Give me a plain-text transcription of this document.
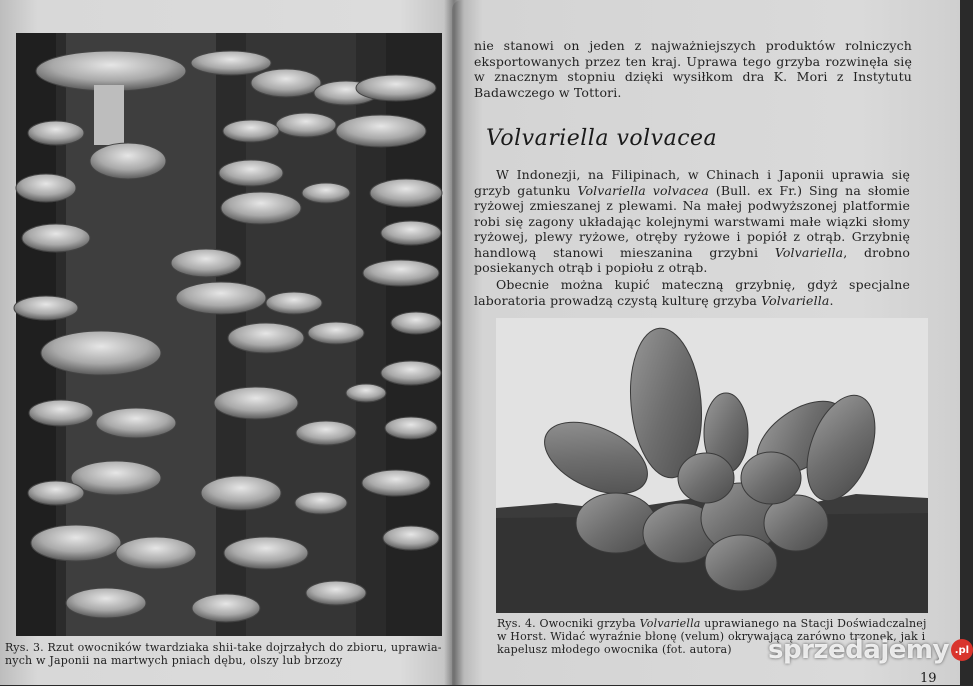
Rys. 3. Rzut owocników twardziaka shii-take dojrzałych do zbioru, uprawia-nych w Japonii na martwych pniach dębu, olszy lub brzozy
nie stanowi on jeden z najważniejszych produktów rolniczych eksportowanych przez ten kraj. Uprawa tego grzyba rozwinęła się w znacznym stopniu dzięki wysiłkom dra K. Mori z Instytutu Badawczego w Tottori.
Volvariella volvacea
W Indonezji, na Filipinach, w Chinach i Japonii uprawia się grzyb gatunku Volvariella volvacea (Bull. ex Fr.) Sing na słomie ryżowej zmieszanej z plewami. Na małej podwyższonej platformie robi się zagony układając kolejnymi warstwami małe wiązki słomy ryżowej, plewy ryżowe, otręby ryżowe i popiół z otrąb. Grzybnię handlową stanowi mieszanina grzybni Volvariella, drobno posiekanych otrąb i popiołu z otrąb.
Obecnie można kupić mateczną grzybnię, gdyż specjalne laboratoria prowadzą czystą kulturę grzyba Volvariella.
Rys. 4. Owocniki grzyba Volvariella uprawianego na Stacji Doświadczalnej w Horst. Widać wyraźnie błonę (velum) okrywającą zarówno trzonek, jak i kapelusz młodego owocnika (fot. autora)
19
sprzedajemy .pl
